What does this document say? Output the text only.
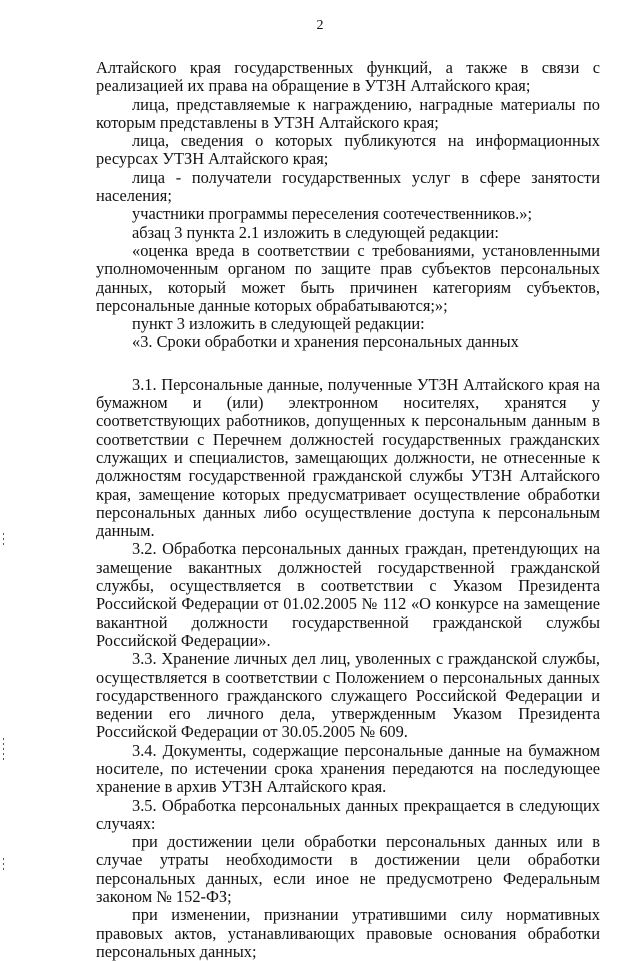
2

Алтайского края государственных функций, а также в связи с реализацией их права на обращение в УТЗН Алтайского края;

лица, представляемые к награждению, наградные материалы по которым представлены в УТЗН Алтайского края;

лица, сведения о которых публикуются на информационных ресурсах УТЗН Алтайского края;

лица - получатели государственных услуг в сфере занятости населения;

участники программы переселения соотечественников.»;

абзац 3 пункта 2.1 изложить в следующей редакции:

«оценка вреда в соответствии с требованиями, установленными уполномоченным органом по защите прав субъектов персональных данных, который может быть причинен категориям субъектов, персональные данные которых обрабатываются;»;

пункт 3 изложить в следующей редакции:

«3. Сроки обработки и хранения персональных данных

3.1. Персональные данные, полученные УТЗН Алтайского края на бумажном и (или) электронном носителях, хранятся у соответствующих работников, допущенных к персональным данным в соответствии с Перечнем должностей государственных гражданских служащих и специалистов, замещающих должности, не отнесенные к должностям государственной гражданской службы УТЗН Алтайского края, замещение которых предусматривает осуществление обработки персональных данных либо осуществление доступа к персональным данным.

3.2. Обработка персональных данных граждан, претендующих на замещение вакантных должностей государственной гражданской службы, осуществляется в соответствии с Указом Президента Российской Федерации от 01.02.2005 № 112 «О конкурсе на замещение вакантной должности государственной гражданской службы Российской Федерации».

3.3. Хранение личных дел лиц, уволенных с гражданской службы, осуществляется в соответствии с Положением о персональных данных государственного гражданского служащего Российской Федерации и ведении его личного дела, утвержденным Указом Президента Российской Федерации от 30.05.2005 № 609.

3.4. Документы, содержащие персональные данные на бумажном носителе, по истечении срока хранения передаются на последующее хранение в архив УТЗН Алтайского края.

3.5. Обработка персональных данных прекращается в следующих случаях:

при достижении цели обработки персональных данных или в случае утраты необходимости в достижении цели обработки персональных данных, если иное не предусмотрено Федеральным законом № 152-ФЗ;

при изменении, признании утратившими силу нормативных правовых актов, устанавливающих правовые основания обработки персональных данных;
